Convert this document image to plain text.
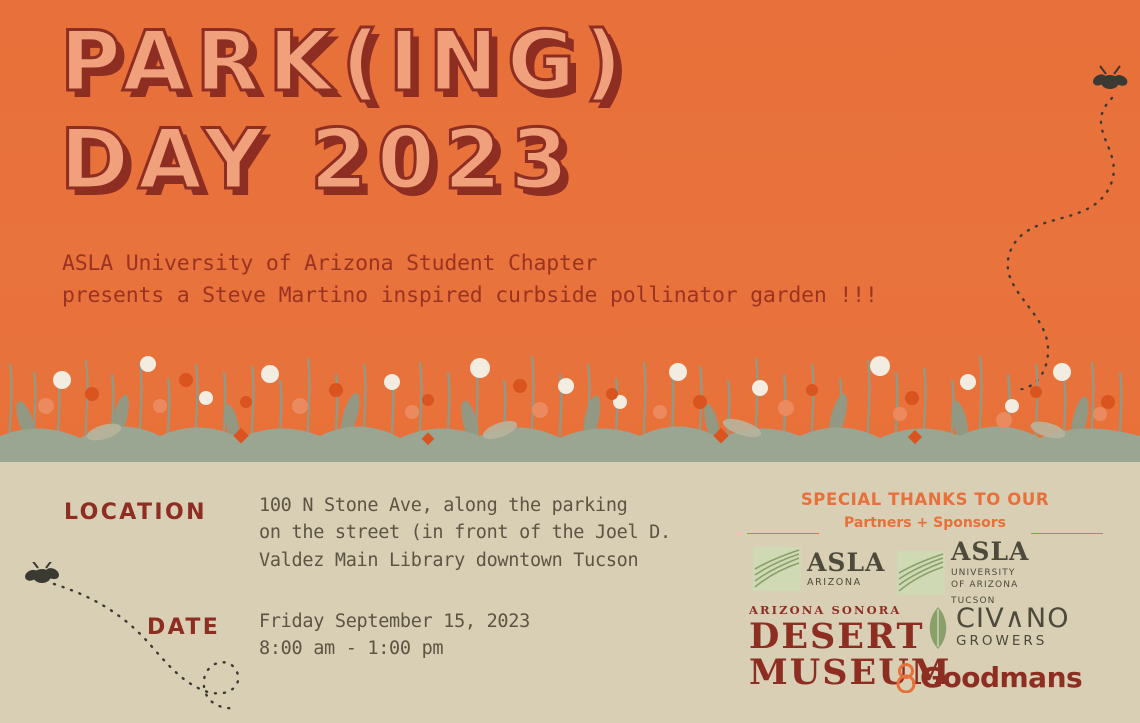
PARK(ING)
DAY 2023
ASLA University of Arizona Student Chapter
presents a Steve Martino inspired curbside pollinator garden !!!
LOCATION	100 N Stone Ave, along the parking
on the street (in front of the Joel D.
Valdez Main Library downtown Tucson
DATE Friday September 15, 2023
8:00 am - 1:00 pm
SPECIAL THANKS TO OUR
Partners + Sponsors
ASLA
ARIZONA
ASLA
UNIVERSITY
OF ARIZONA
TUCSON
ARIZONA SONORA
DESERT
MUSEUM
CIV∧NO
GROWERS
Goodmans
